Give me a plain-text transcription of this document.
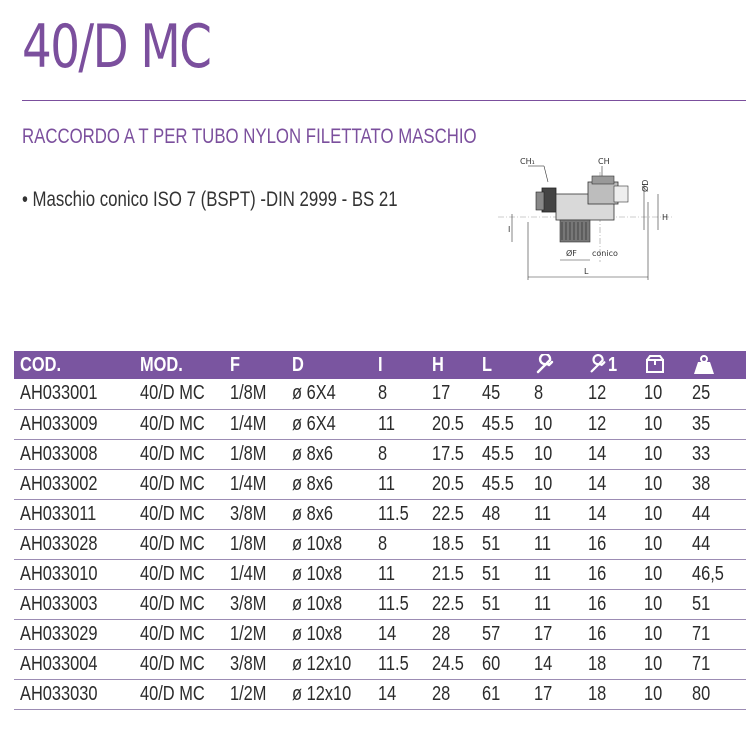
40/D MC
RACCORDO A T PER TUBO NYLON FILETTATO MASCHIO
• Maschio conico ISO 7 (BSPT) -DIN 2999 - BS 21
CH₁	CH
ØD
H
I
ØF conico
L
COD.	MOD.	F	D	I	H	L		1	

AH033001	40/D MC	1/8M	ø 6X4	8	17	45	8	12	10	25
AH033009	40/D MC	1/4M	ø 6X4	11	20.5	45.5	10	12	10	35
AH033008	40/D MC	1/8M	ø 8x6	8	17.5	45.5	10	14	10	33
AH033002	40/D MC	1/4M	ø 8x6	11	20.5	45.5	10	14	10	38
AH033011	40/D MC	3/8M	ø 8x6	11.5	22.5	48	11	14	10	44
AH033028	40/D MC	1/8M	ø 10x8	8	18.5	51	11	16	10	44
AH033010	40/D MC	1/4M	ø 10x8	11	21.5	51	11	16	10	46,5
AH033003	40/D MC	3/8M	ø 10x8	11.5	22.5	51	11	16	10	51
AH033029	40/D MC	1/2M	ø 10x8	14	28	57	17	16	10	71
AH033004	40/D MC	3/8M	ø 12x10	11.5	24.5	60	14	18	10	71
AH033030	40/D MC	1/2M	ø 12x10	14	28	61	17	18	10	80
